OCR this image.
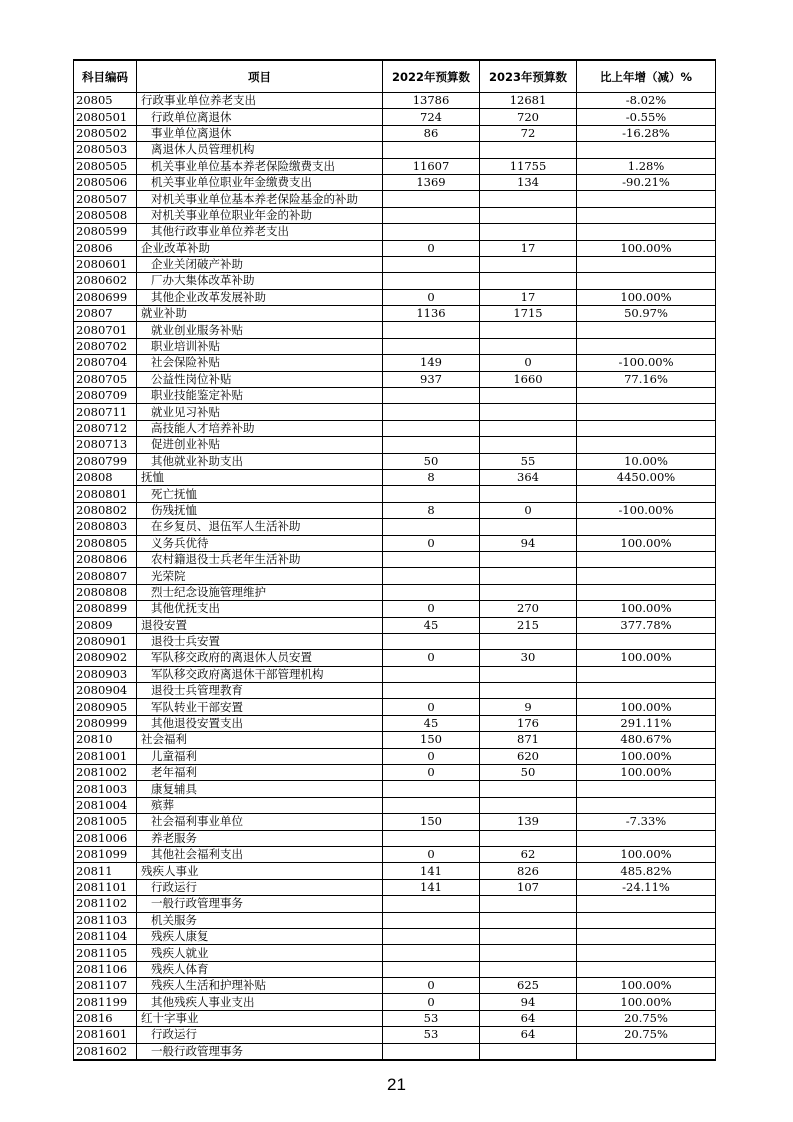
科目编码	项目	2022年预算数	2023年预算数	比上年增（减）%
20805	行政事业单位养老支出	13786	12681	-8.02%
2080501	行政单位离退休	724	720	-0.55%
2080502	事业单位离退休	86	72	-16.28%
2080503	离退休人员管理机构			
2080505	机关事业单位基本养老保险缴费支出	11607	11755	1.28%
2080506	机关事业单位职业年金缴费支出	1369	134	-90.21%
2080507	对机关事业单位基本养老保险基金的补助			
2080508	对机关事业单位职业年金的补助			
2080599	其他行政事业单位养老支出			
20806	企业改革补助	0	17	100.00%
2080601	企业关闭破产补助			
2080602	厂办大集体改革补助			
2080699	其他企业改革发展补助	0	17	100.00%
20807	就业补助	1136	1715	50.97%
2080701	就业创业服务补贴			
2080702	职业培训补贴			
2080704	社会保险补贴	149	0	-100.00%
2080705	公益性岗位补贴	937	1660	77.16%
2080709	职业技能鉴定补贴			
2080711	就业见习补贴			
2080712	高技能人才培养补助			
2080713	促进创业补贴			
2080799	其他就业补助支出	50	55	10.00%
20808	抚恤	8	364	4450.00%
2080801	死亡抚恤			
2080802	伤残抚恤	8	0	-100.00%
2080803	在乡复员、退伍军人生活补助			
2080805	义务兵优待	0	94	100.00%
2080806	农村籍退役士兵老年生活补助			
2080807	光荣院			
2080808	烈士纪念设施管理维护			
2080899	其他优抚支出	0	270	100.00%
20809	退役安置	45	215	377.78%
2080901	退役士兵安置			
2080902	军队移交政府的离退休人员安置	0	30	100.00%
2080903	军队移交政府离退休干部管理机构			
2080904	退役士兵管理教育			
2080905	军队转业干部安置	0	9	100.00%
2080999	其他退役安置支出	45	176	291.11%
20810	社会福利	150	871	480.67%
2081001	儿童福利	0	620	100.00%
2081002	老年福利	0	50	100.00%
2081003	康复辅具			
2081004	殡葬			
2081005	社会福利事业单位	150	139	-7.33%
2081006	养老服务			
2081099	其他社会福利支出	0	62	100.00%
20811	残疾人事业	141	826	485.82%
2081101	行政运行	141	107	-24.11%
2081102	一般行政管理事务			
2081103	机关服务			
2081104	残疾人康复			
2081105	残疾人就业			
2081106	残疾人体育			
2081107	残疾人生活和护理补贴	0	625	100.00%
2081199	其他残疾人事业支出	0	94	100.00%
20816	红十字事业	53	64	20.75%
2081601	行政运行	53	64	20.75%
2081602	一般行政管理事务			
21
